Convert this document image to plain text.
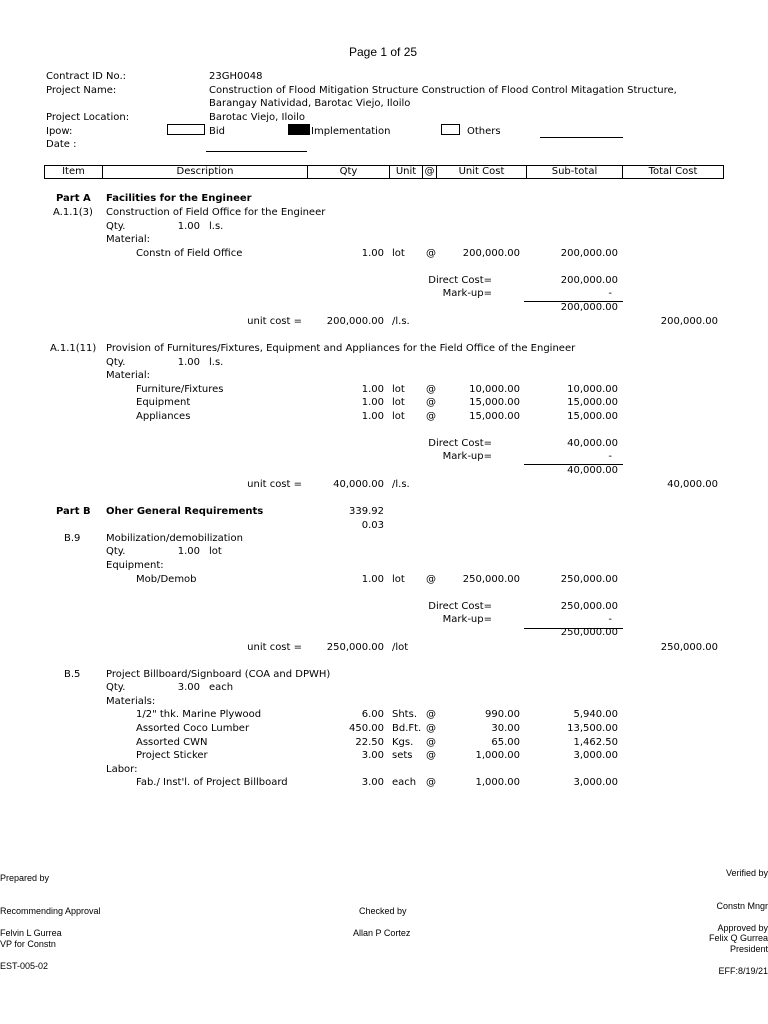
Page 1 of 25
Contract ID No.:	23GH0048
Project Name:	Construction of Flood Mitigation Structure Construction of Flood Control Mitagation Structure,
Barangay Natividad, Barotac Viejo, Iloilo
Project Location:	Barotac Viejo, Iloilo
Ipow:	Bid	Implementation	Others
Date :
Item	Description	Qty	Unit @	Unit Cost	Sub-total	Total Cost
Part A Facilities for the Engineer
A.1.1(3) Construction of Field Office for the Engineer
Qty.	1.00 l.s.
Material:
Constn of Field Office	1.00 lot @	200,000.00	200,000.00
Direct Cost=	200,000.00
Mark-up=	-
200,000.00
unit cost =	200,000.00 /l.s.	200,000.00
A.1.1(11) Provision of Furnitures/Fixtures, Equipment and Appliances for the Field Office of the Engineer
Qty.	1.00 l.s.
Material:
Furniture/Fixtures	1.00 lot @	10,000.00	10,000.00
Equipment	1.00 lot @	15,000.00	15,000.00
Appliances	1.00 lot @	15,000.00	15,000.00
Direct Cost=	40,000.00
Mark-up=	-
40,000.00
unit cost =	40,000.00 /l.s.	40,000.00
Part B Oher General Requirements	339.92
0.03
B.9	Mobilization/demobilization
Qty.	1.00 lot
Equipment:
Mob/Demob	1.00 lot @	250,000.00	250,000.00
Direct Cost=	250,000.00
Mark-up=	-
250,000.00
unit cost =	250,000.00 /lot	250,000.00
B.5	Project Billboard/Signboard (COA and DPWH)
Qty.	3.00 each
Materials:
1/2" thk. Marine Plywood	6.00 Shts. @	990.00	5,940.00
Assorted Coco Lumber	450.00 Bd.Ft. @	30.00	13,500.00
Assorted CWN	22.50 Kgs. @	65.00	1,462.50
Project Sticker	3.00 sets @	1,000.00	3,000.00
Labor:
Fab./ Inst'l. of Project Billboard	3.00 each @	1,000.00	3,000.00
Prepared by	Verified by
Constn Mngr
Recommending Approval	Checked by
Approved by
Felvin L Gurrea	Allan P Cortez	Felix Q Gurrea
VP for Constn	President
EST-005-02	EFF:8/19/21
